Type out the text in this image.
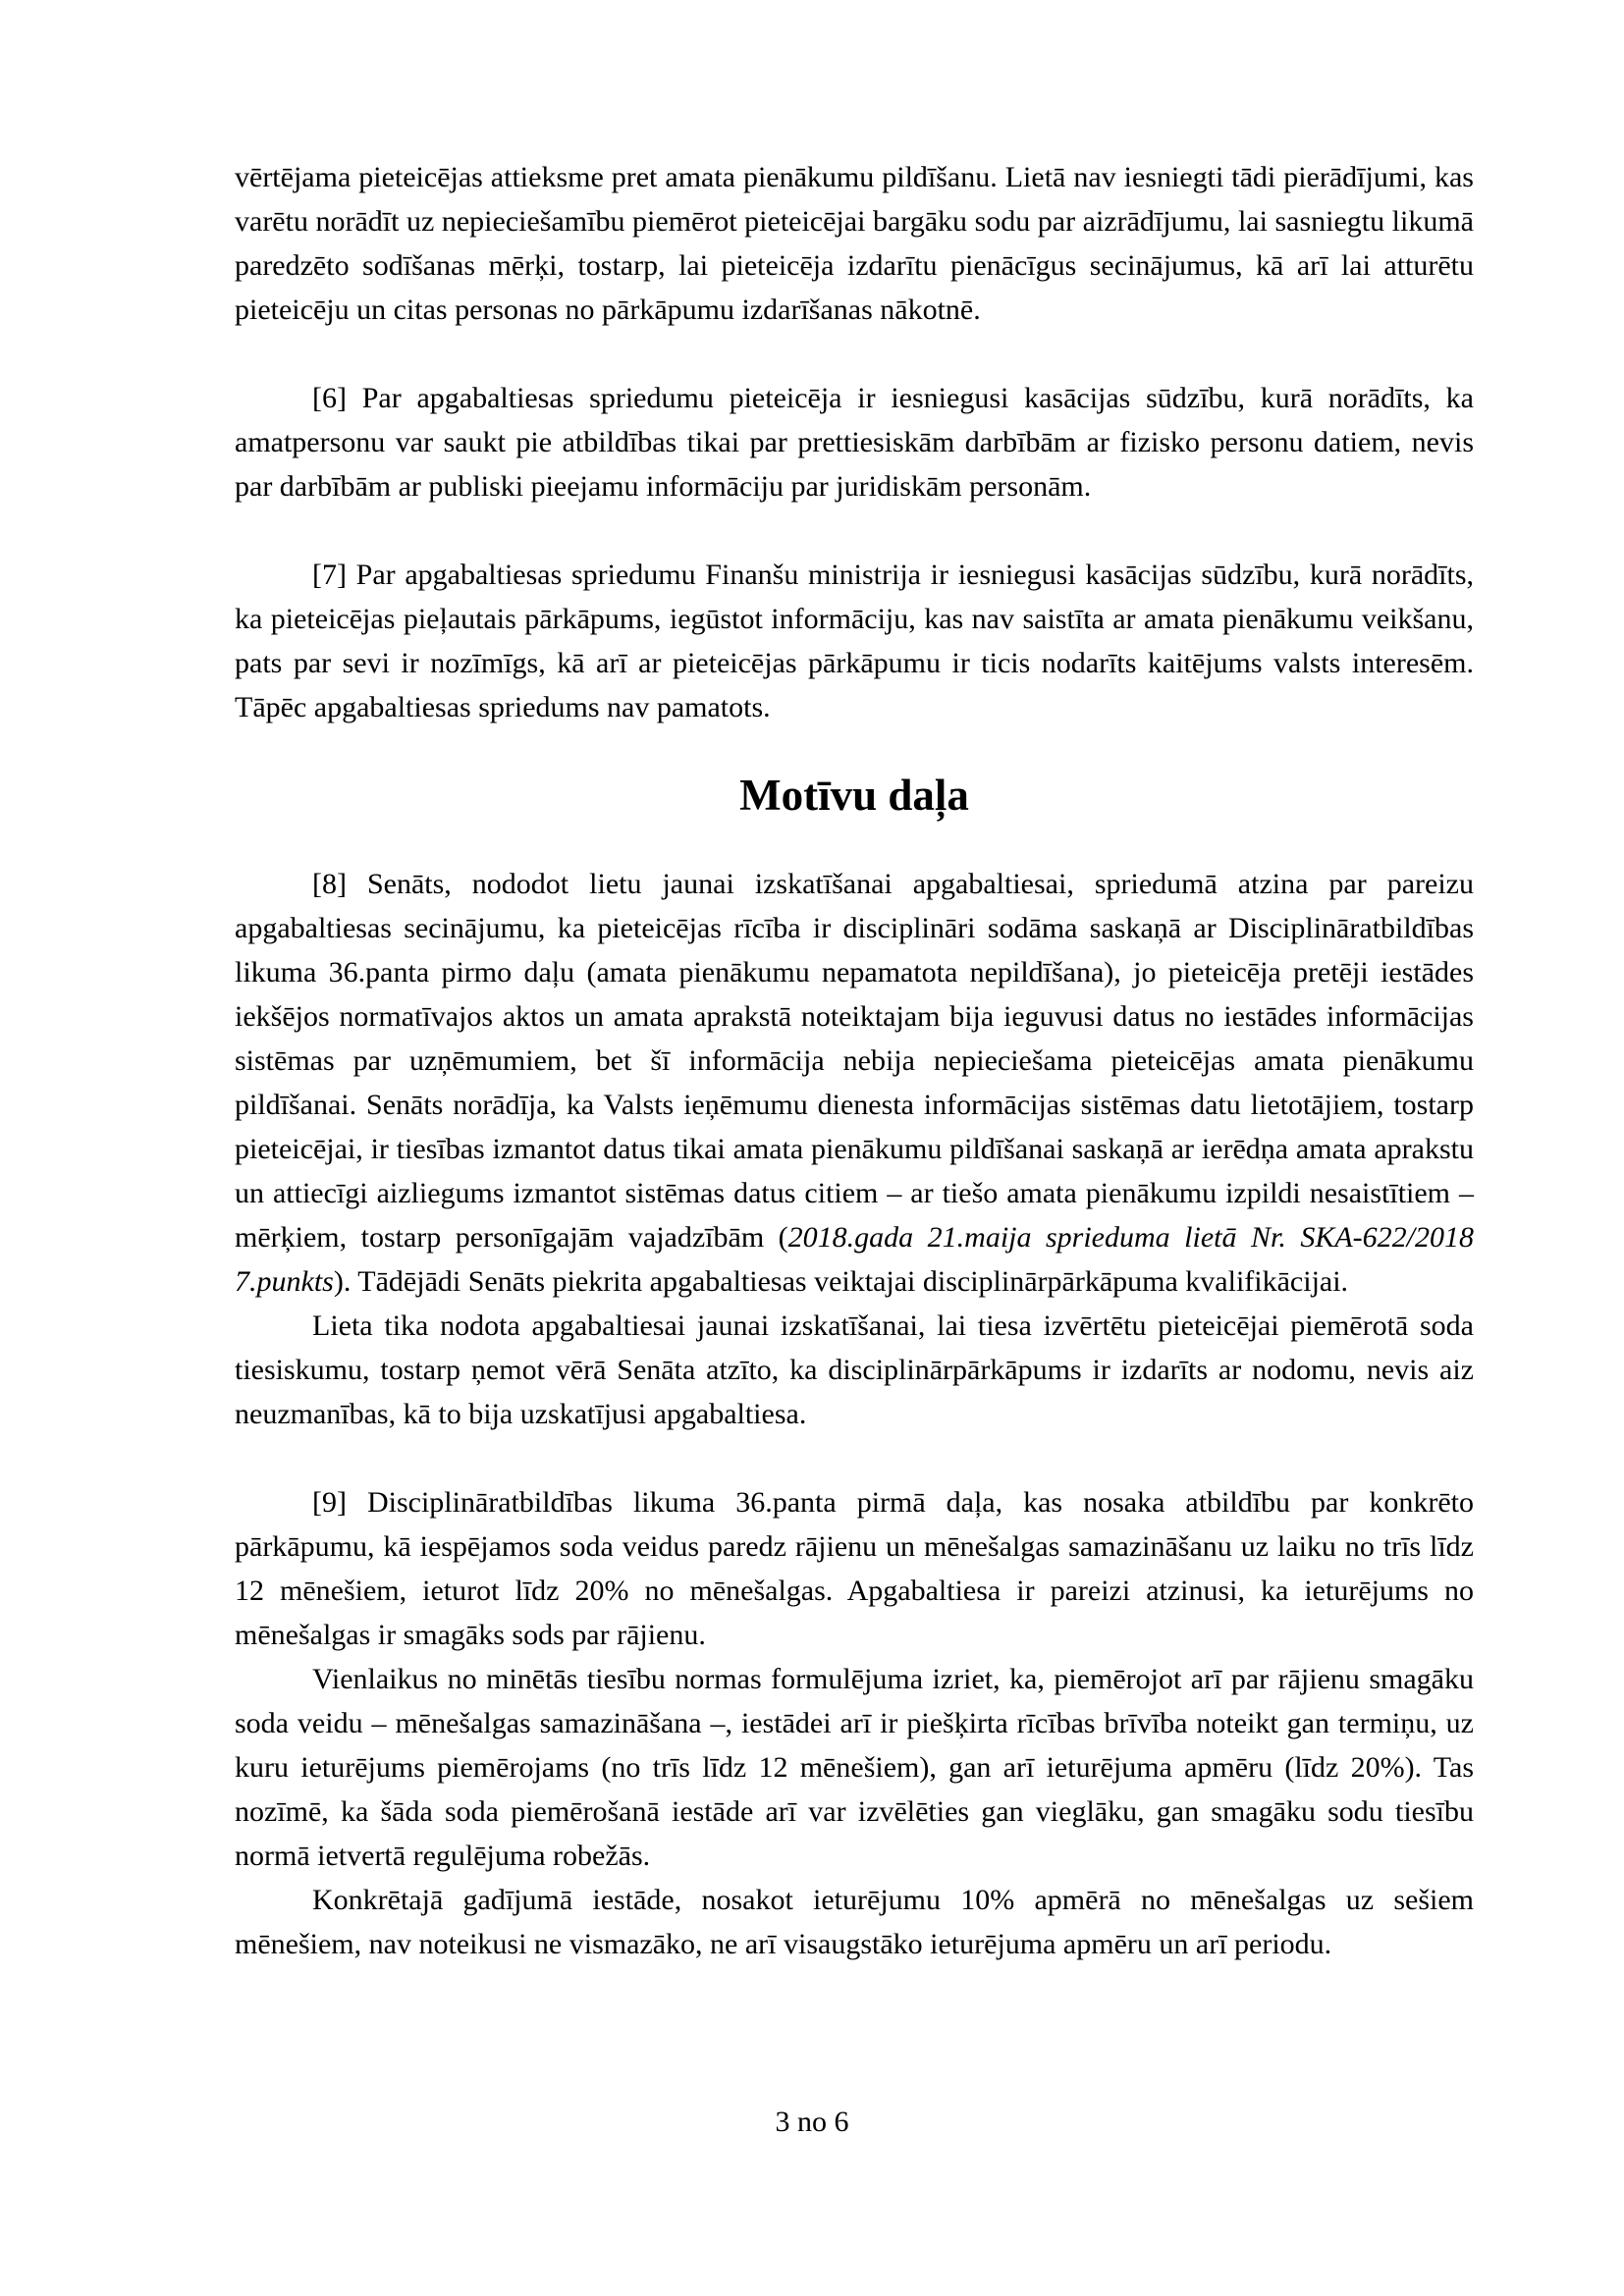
vērtējama pieteicējas attieksme pret amata pienākumu pildīšanu. Lietā nav iesniegti tādi pierādījumi, kas varētu norādīt uz nepieciešamību piemērot pieteicējai bargāku sodu par aizrādījumu, lai sasniegtu likumā paredzēto sodīšanas mērķi, tostarp, lai pieteicēja izdarītu pienācīgus secinājumus, kā arī lai atturētu pieteicēju un citas personas no pārkāpumu izdarīšanas nākotnē.

[6] Par apgabaltiesas spriedumu pieteicēja ir iesniegusi kasācijas sūdzību, kurā norādīts, ka amatpersonu var saukt pie atbildības tikai par prettiesiskām darbībām ar fizisko personu datiem, nevis par darbībām ar publiski pieejamu informāciju par juridiskām personām.

[7] Par apgabaltiesas spriedumu Finanšu ministrija ir iesniegusi kasācijas sūdzību, kurā norādīts, ka pieteicējas pieļautais pārkāpums, iegūstot informāciju, kas nav saistīta ar amata pienākumu veikšanu, pats par sevi ir nozīmīgs, kā arī ar pieteicējas pārkāpumu ir ticis nodarīts kaitējums valsts interesēm. Tāpēc apgabaltiesas spriedums nav pamatots.

Motīvu daļa

[8] Senāts, nododot lietu jaunai izskatīšanai apgabaltiesai, spriedumā atzina par pareizu apgabaltiesas secinājumu, ka pieteicējas rīcība ir disciplināri sodāma saskaņā ar Disciplināratbildības likuma 36.panta pirmo daļu (amata pienākumu nepamatota nepildīšana), jo pieteicēja pretēji iestādes iekšējos normatīvajos aktos un amata aprakstā noteiktajam bija ieguvusi datus no iestādes informācijas sistēmas par uzņēmumiem, bet šī informācija nebija nepieciešama pieteicējas amata pienākumu pildīšanai. Senāts norādīja, ka Valsts ieņēmumu dienesta informācijas sistēmas datu lietotājiem, tostarp pieteicējai, ir tiesības izmantot datus tikai amata pienākumu pildīšanai saskaņā ar ierēdņa amata aprakstu un attiecīgi aizliegums izmantot sistēmas datus citiem – ar tiešo amata pienākumu izpildi nesaistītiem – mērķiem, tostarp personīgajām vajadzībām (2018.gada 21.maija sprieduma lietā Nr. SKA-622/2018 7.punkts). Tādējādi Senāts piekrita apgabaltiesas veiktajai disciplinārpārkāpuma kvalifikācijai.

Lieta tika nodota apgabaltiesai jaunai izskatīšanai, lai tiesa izvērtētu pieteicējai piemērotā soda tiesiskumu, tostarp ņemot vērā Senāta atzīto, ka disciplinārpārkāpums ir izdarīts ar nodomu, nevis aiz neuzmanības, kā to bija uzskatījusi apgabaltiesa.

[9] Disciplināratbildības likuma 36.panta pirmā daļa, kas nosaka atbildību par konkrēto pārkāpumu, kā iespējamos soda veidus paredz rājienu un mēnešalgas samazināšanu uz laiku no trīs līdz 12 mēnešiem, ieturot līdz 20% no mēnešalgas. Apgabaltiesa ir pareizi atzinusi, ka ieturējums no mēnešalgas ir smagāks sods par rājienu.

Vienlaikus no minētās tiesību normas formulējuma izriet, ka, piemērojot arī par rājienu smagāku soda veidu – mēnešalgas samazināšana –, iestādei arī ir piešķirta rīcības brīvība noteikt gan termiņu, uz kuru ieturējums piemērojams (no trīs līdz 12 mēnešiem), gan arī ieturējuma apmēru (līdz 20%). Tas nozīmē, ka šāda soda piemērošanā iestāde arī var izvēlēties gan vieglāku, gan smagāku sodu tiesību normā ietvertā regulējuma robežās.

Konkrētajā gadījumā iestāde, nosakot ieturējumu 10% apmērā no mēnešalgas uz sešiem mēnešiem, nav noteikusi ne vismazāko, ne arī visaugstāko ieturējuma apmēru un arī periodu.

3 no 6
